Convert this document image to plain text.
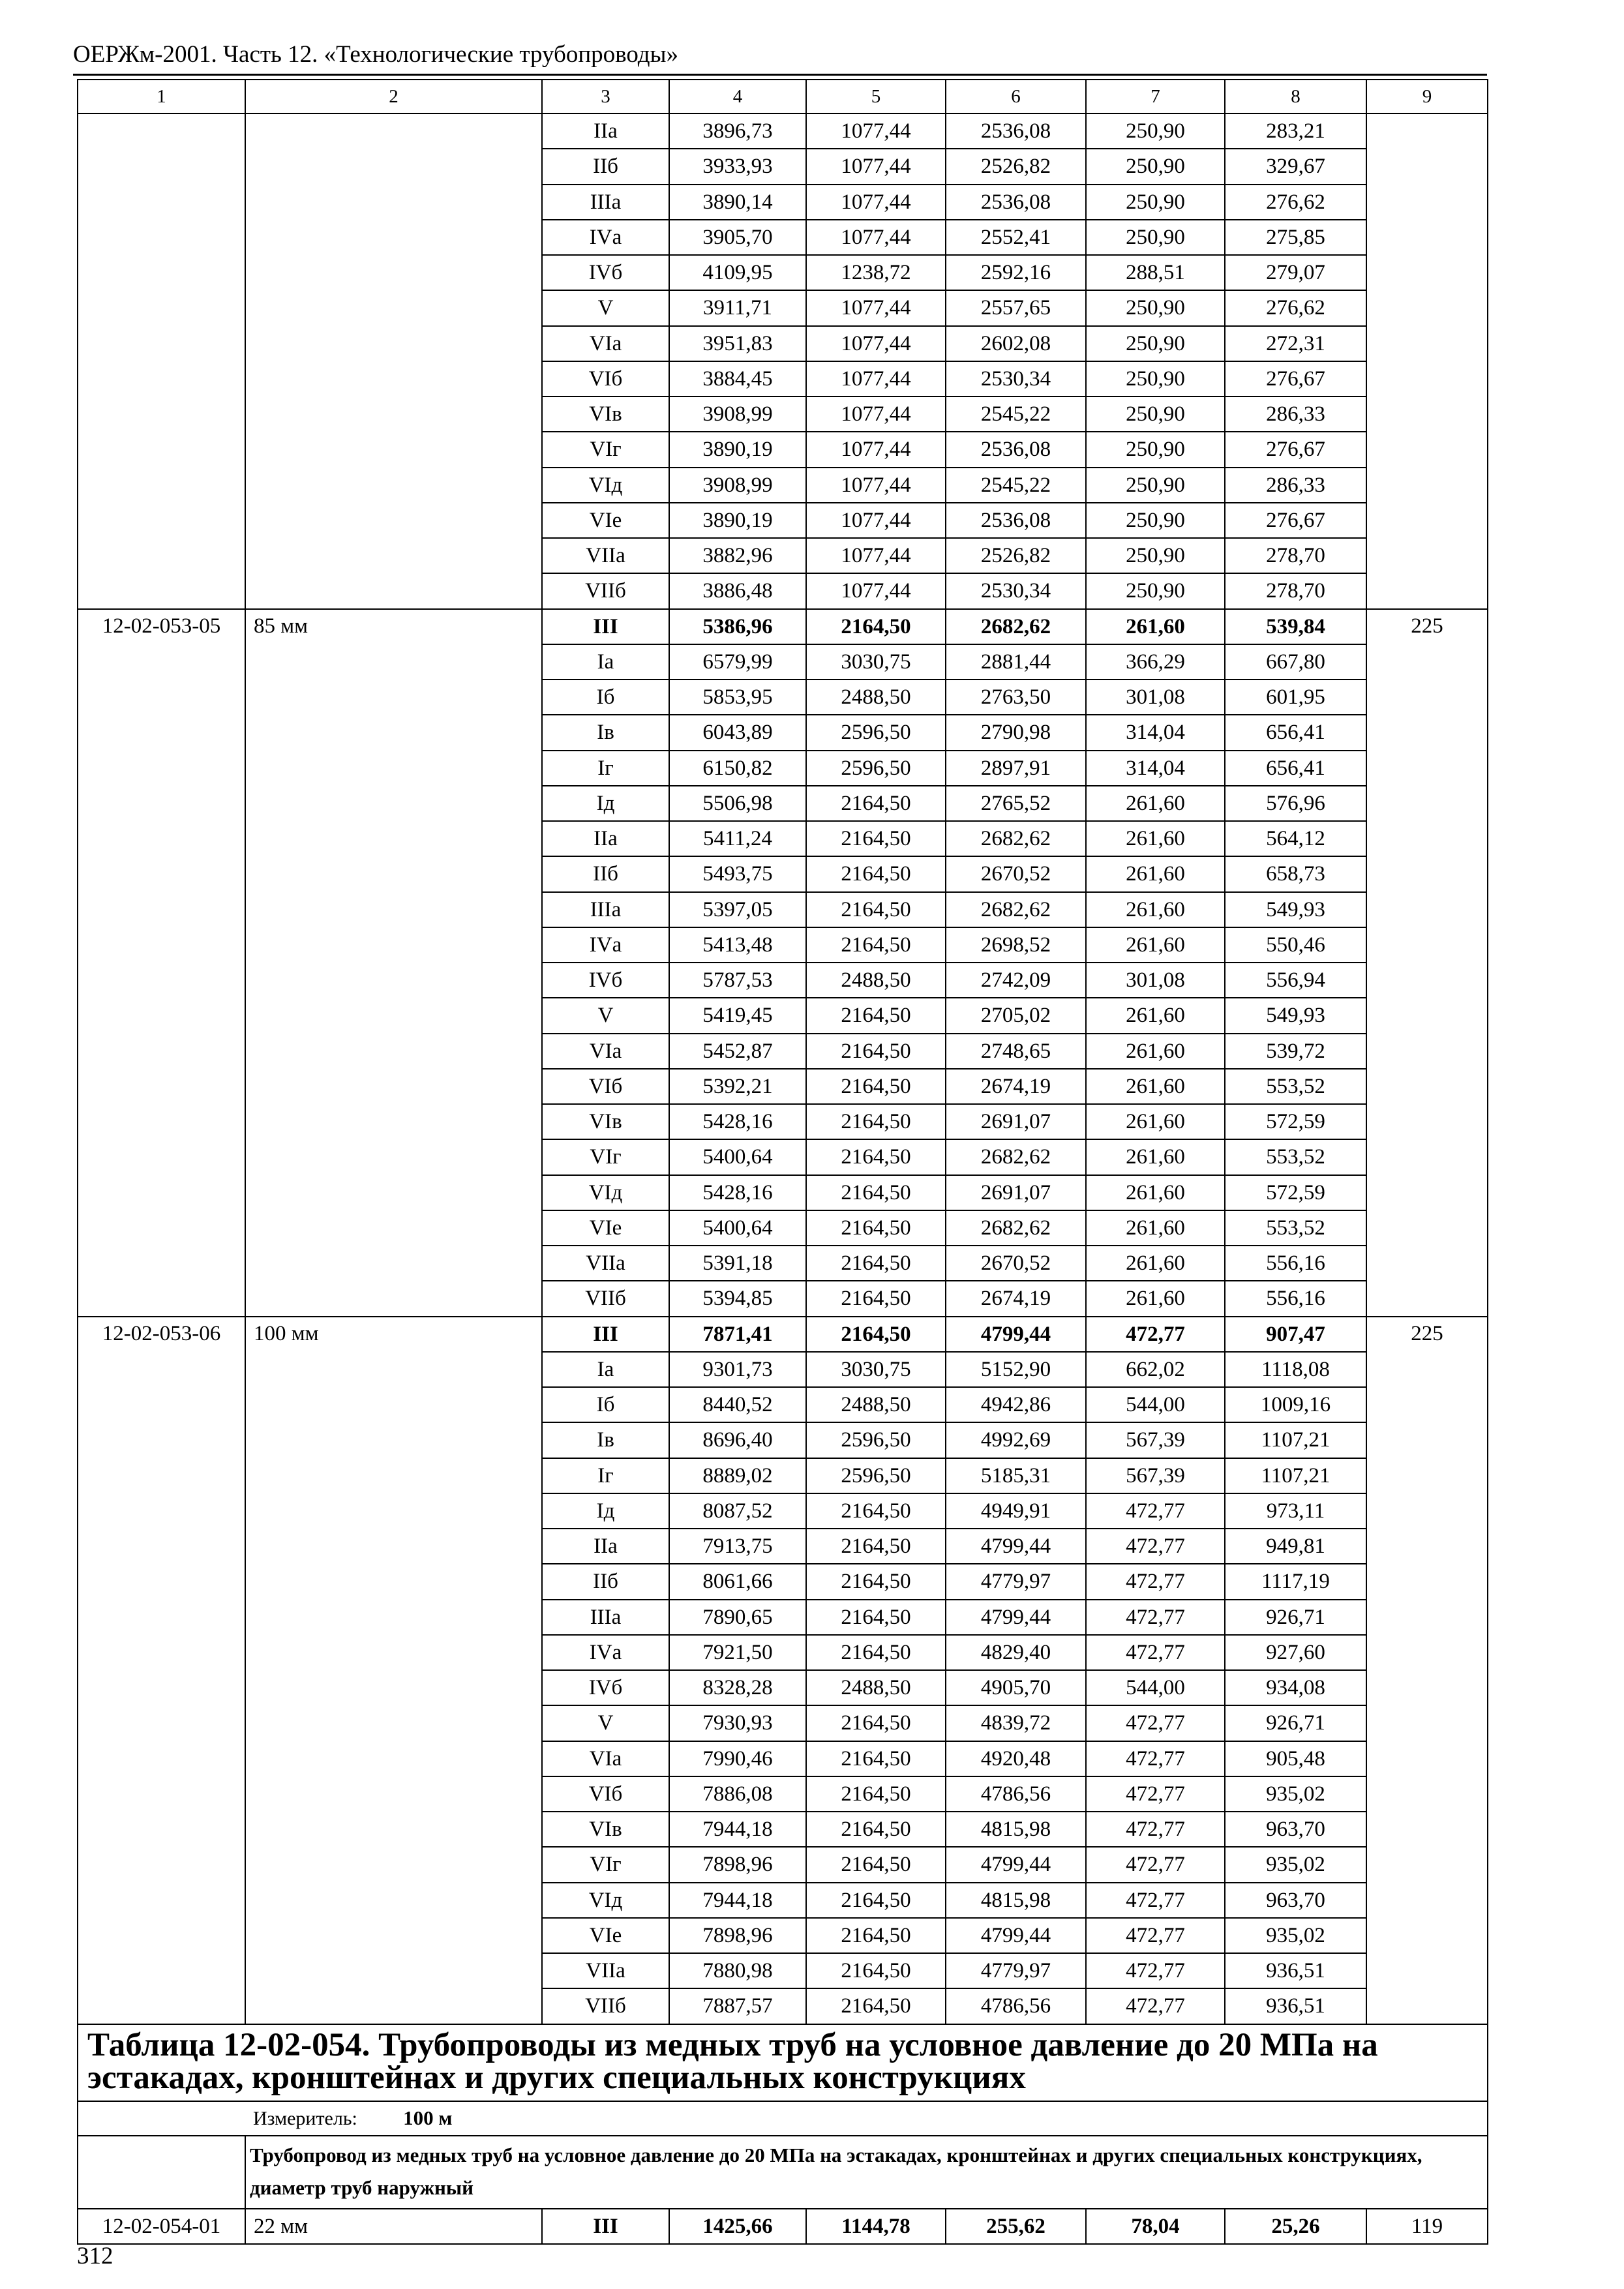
ОЕРЖм-2001. Часть 12. «Технологические трубопроводы»
1	2	3	4	5	6	7	8	9
		IIа	3896,73	1077,44	2536,08	250,90	283,21	
		IIб	3933,93	1077,44	2526,82	250,90	329,67	
		IIIа	3890,14	1077,44	2536,08	250,90	276,62	
		IVа	3905,70	1077,44	2552,41	250,90	275,85	
		IVб	4109,95	1238,72	2592,16	288,51	279,07	
		V	3911,71	1077,44	2557,65	250,90	276,62	
		VIа	3951,83	1077,44	2602,08	250,90	272,31	
		VIб	3884,45	1077,44	2530,34	250,90	276,67	
		VIв	3908,99	1077,44	2545,22	250,90	286,33	
		VIг	3890,19	1077,44	2536,08	250,90	276,67	
		VIд	3908,99	1077,44	2545,22	250,90	286,33	
		VIе	3890,19	1077,44	2536,08	250,90	276,67	
		VIIа	3882,96	1077,44	2526,82	250,90	278,70	
		VIIб	3886,48	1077,44	2530,34	250,90	278,70	
12-02-053-05	85 мм	III	5386,96	2164,50	2682,62	261,60	539,84	225
		Iа	6579,99	3030,75	2881,44	366,29	667,80	
		Iб	5853,95	2488,50	2763,50	301,08	601,95	
		Iв	6043,89	2596,50	2790,98	314,04	656,41	
		Iг	6150,82	2596,50	2897,91	314,04	656,41	
		Iд	5506,98	2164,50	2765,52	261,60	576,96	
		IIа	5411,24	2164,50	2682,62	261,60	564,12	
		IIб	5493,75	2164,50	2670,52	261,60	658,73	
		IIIа	5397,05	2164,50	2682,62	261,60	549,93	
		IVа	5413,48	2164,50	2698,52	261,60	550,46	
		IVб	5787,53	2488,50	2742,09	301,08	556,94	
		V	5419,45	2164,50	2705,02	261,60	549,93	
		VIа	5452,87	2164,50	2748,65	261,60	539,72	
		VIб	5392,21	2164,50	2674,19	261,60	553,52	
		VIв	5428,16	2164,50	2691,07	261,60	572,59	
		VIг	5400,64	2164,50	2682,62	261,60	553,52	
		VIд	5428,16	2164,50	2691,07	261,60	572,59	
		VIе	5400,64	2164,50	2682,62	261,60	553,52	
		VIIа	5391,18	2164,50	2670,52	261,60	556,16	
		VIIб	5394,85	2164,50	2674,19	261,60	556,16	
12-02-053-06	100 мм	III	7871,41	2164,50	4799,44	472,77	907,47	225
		Iа	9301,73	3030,75	5152,90	662,02	1118,08	
		Iб	8440,52	2488,50	4942,86	544,00	1009,16	
		Iв	8696,40	2596,50	4992,69	567,39	1107,21	
		Iг	8889,02	2596,50	5185,31	567,39	1107,21	
		Iд	8087,52	2164,50	4949,91	472,77	973,11	
		IIа	7913,75	2164,50	4799,44	472,77	949,81	
		IIб	8061,66	2164,50	4779,97	472,77	1117,19	
		IIIа	7890,65	2164,50	4799,44	472,77	926,71	
		IVа	7921,50	2164,50	4829,40	472,77	927,60	
		IVб	8328,28	2488,50	4905,70	544,00	934,08	
		V	7930,93	2164,50	4839,72	472,77	926,71	
		VIа	7990,46	2164,50	4920,48	472,77	905,48	
		VIб	7886,08	2164,50	4786,56	472,77	935,02	
		VIв	7944,18	2164,50	4815,98	472,77	963,70	
		VIг	7898,96	2164,50	4799,44	472,77	935,02	
		VIд	7944,18	2164,50	4815,98	472,77	963,70	
		VIе	7898,96	2164,50	4799,44	472,77	935,02	
		VIIа	7880,98	2164,50	4779,97	472,77	936,51	
		VIIб	7887,57	2164,50	4786,56	472,77	936,51	
Таблица 12-02-054. Трубопроводы из медных труб на условное давление до 20 МПа на эстакадах, кронштейнах и других специальных конструкциях								
	Измеритель: 100 м							
	Трубопровод из медных труб на условное давление до 20 МПа на эстакадах, кронштейнах и других специальных конструкциях, диаметр труб наружный							
12-02-054-01	22 мм	III	1425,66	1144,78	255,62	78,04	25,26	119
312
